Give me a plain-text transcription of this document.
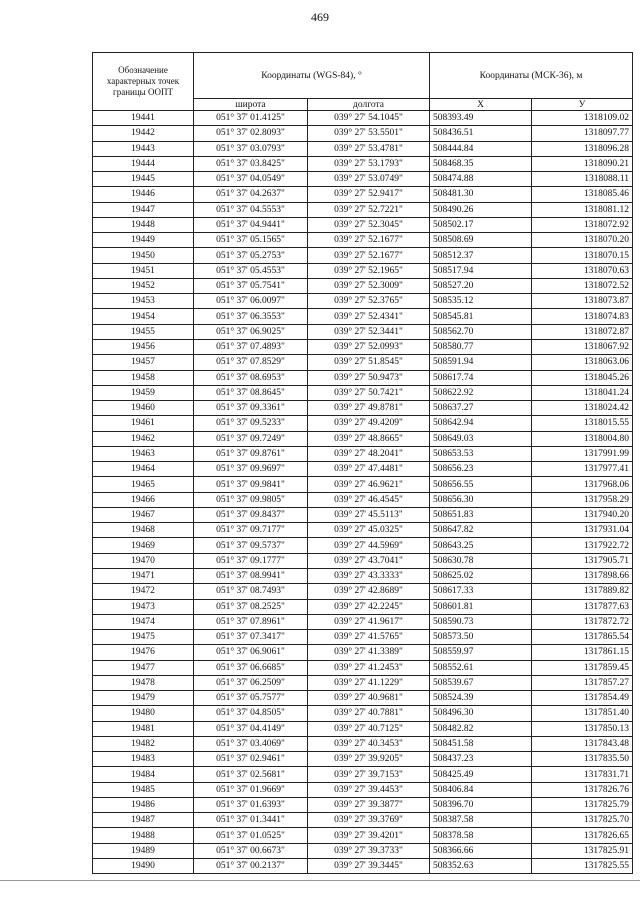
469
Обозначение характерных точек границы ООПТ	Координаты (WGS-84), °		Координаты (МСК-36), м	
	широта	долгота	X	У
19441	051° 37' 01.4125"	039° 27' 54.1045"	508393.49	1318109.02
19442	051° 37' 02.8093"	039° 27' 53.5501"	508436.51	1318097.77
19443	051° 37' 03.0793"	039° 27' 53.4781"	508444.84	1318096.28
19444	051° 37' 03.8425"	039° 27' 53.1793"	508468.35	1318090.21
19445	051° 37' 04.0549"	039° 27' 53.0749"	508474.88	1318088.11
19446	051° 37' 04.2637"	039° 27' 52.9417"	508481.30	1318085.46
19447	051° 37' 04.5553"	039° 27' 52.7221"	508490.26	1318081.12
19448	051° 37' 04.9441"	039° 27' 52.3045"	508502.17	1318072.92
19449	051° 37' 05.1565"	039° 27' 52.1677"	508508.69	1318070.20
19450	051° 37' 05.2753"	039° 27' 52.1677"	508512.37	1318070.15
19451	051° 37' 05.4553"	039° 27' 52.1965"	508517.94	1318070.63
19452	051° 37' 05.7541"	039° 27' 52.3009"	508527.20	1318072.52
19453	051° 37' 06.0097"	039° 27' 52.3765"	508535.12	1318073.87
19454	051° 37' 06.3553"	039° 27' 52.4341"	508545.81	1318074.83
19455	051° 37' 06.9025"	039° 27' 52.3441"	508562.70	1318072.87
19456	051° 37' 07.4893"	039° 27' 52.0993"	508580.77	1318067.92
19457	051° 37' 07.8529"	039° 27' 51.8545"	508591.94	1318063.06
19458	051° 37' 08.6953"	039° 27' 50.9473"	508617.74	1318045.26
19459	051° 37' 08.8645"	039° 27' 50.7421"	508622.92	1318041.24
19460	051° 37' 09.3361"	039° 27' 49.8781"	508637.27	1318024.42
19461	051° 37' 09.5233"	039° 27' 49.4209"	508642.94	1318015.55
19462	051° 37' 09.7249"	039° 27' 48.8665"	508649.03	1318004.80
19463	051° 37' 09.8761"	039° 27' 48.2041"	508653.53	1317991.99
19464	051° 37' 09.9697"	039° 27' 47.4481"	508656.23	1317977.41
19465	051° 37' 09.9841"	039° 27' 46.9621"	508656.55	1317968.06
19466	051° 37' 09.9805"	039° 27' 46.4545"	508656.30	1317958.29
19467	051° 37' 09.8437"	039° 27' 45.5113"	508651.83	1317940.20
19468	051° 37' 09.7177"	039° 27' 45.0325"	508647.82	1317931.04
19469	051° 37' 09.5737"	039° 27' 44.5969"	508643.25	1317922.72
19470	051° 37' 09.1777"	039° 27' 43.7041"	508630.78	1317905.71
19471	051° 37' 08.9941"	039° 27' 43.3333"	508625.02	1317898.66
19472	051° 37' 08.7493"	039° 27' 42.8689"	508617.33	1317889.82
19473	051° 37' 08.2525"	039° 27' 42.2245"	508601.81	1317877.63
19474	051° 37' 07.8961"	039° 27' 41.9617"	508590.73	1317872.72
19475	051° 37' 07.3417"	039° 27' 41.5765"	508573.50	1317865.54
19476	051° 37' 06.9061"	039° 27' 41.3389"	508559.97	1317861.15
19477	051° 37' 06.6685"	039° 27' 41.2453"	508552.61	1317859.45
19478	051° 37' 06.2509"	039° 27' 41.1229"	508539.67	1317857.27
19479	051° 37' 05.7577"	039° 27' 40.9681"	508524.39	1317854.49
19480	051° 37' 04.8505"	039° 27' 40.7881"	508496.30	1317851.40
19481	051° 37' 04.4149"	039° 27' 40.7125"	508482.82	1317850.13
19482	051° 37' 03.4069"	039° 27' 40.3453"	508451.58	1317843.48
19483	051° 37' 02.9461"	039° 27' 39.9205"	508437.23	1317835.50
19484	051° 37' 02.5681"	039° 27' 39.7153"	508425.49	1317831.71
19485	051° 37' 01.9669"	039° 27' 39.4453"	508406.84	1317826.76
19486	051° 37' 01.6393"	039° 27' 39.3877"	508396.70	1317825.79
19487	051° 37' 01.3441"	039° 27' 39.3769"	508387.58	1317825.70
19488	051° 37' 01.0525"	039° 27' 39.4201"	508378.58	1317826.65
19489	051° 37' 00.6673"	039° 27' 39.3733"	508366.66	1317825.91
19490	051° 37' 00.2137"	039° 27' 39.3445"	508352.63	1317825.55
